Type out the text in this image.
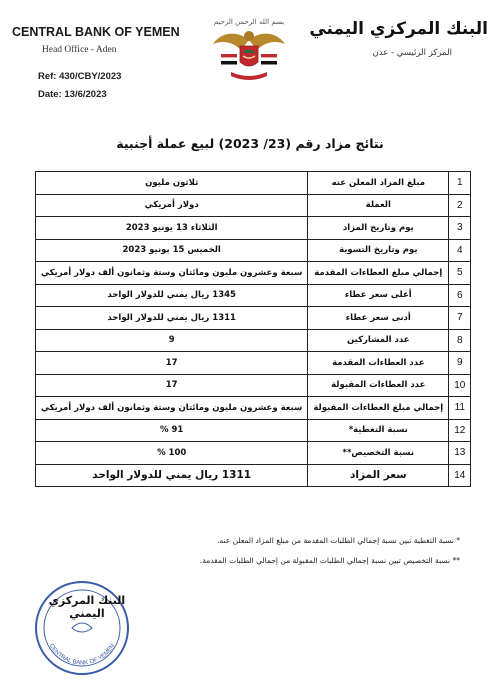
CENTRAL BANK OF YEMEN
Head Office - Aden
Ref: 430/CBY/2023
Date: 13/6/2023
البنك المركزي اليمني
المركز الرئيسي - عدن
بسم الله الرحمن الرحيم
نتائج مزاد رقم (23/ 2023) لبيع عملة أجنبية
1	مبلغ المزاد المعلن عنه	ثلاثون مليون
2	العملة	دولار أمريكي
3	يوم وتاريخ المزاد	الثلاثاء 13 يونيو 2023
4	يوم وتاريخ التسوية	الخميس 15 يونيو 2023
5	إجمالي مبلغ العطاءات المقدمة	سبعة وعشرون مليون ومائتان وستة وثمانون ألف دولار أمريكي
6	أعلى سعر عطاء	1345 ريال يمني للدولار الواحد
7	أدنى سعر عطاء	1311 ريال يمني للدولار الواحد
8	عدد المشاركين	9
9	عدد العطاءات المقدمة	17
10	عدد العطاءات المقبولة	17
11	إجمالي مبلغ العطاءات المقبولة	سبعة وعشرون مليون ومائتان وستة وثمانون ألف دولار أمريكي
12	نسبة التغطية*	91 %
13	نسبة التخصيص**	100 %
14	سعر المزاد	1311 ريال يمني للدولار الواحد
* نسبة التغطية تبين نسبة إجمالي الطلبات المقدمة من مبلغ المزاد المعلن عنه.
** نسبة التخصيص تبين نسبة إجمالي الطلبات المقبولة من إجمالي الطلبات المقدمة.
CENTRAL BANK OF YEMEN
البنك المركزي اليمني
